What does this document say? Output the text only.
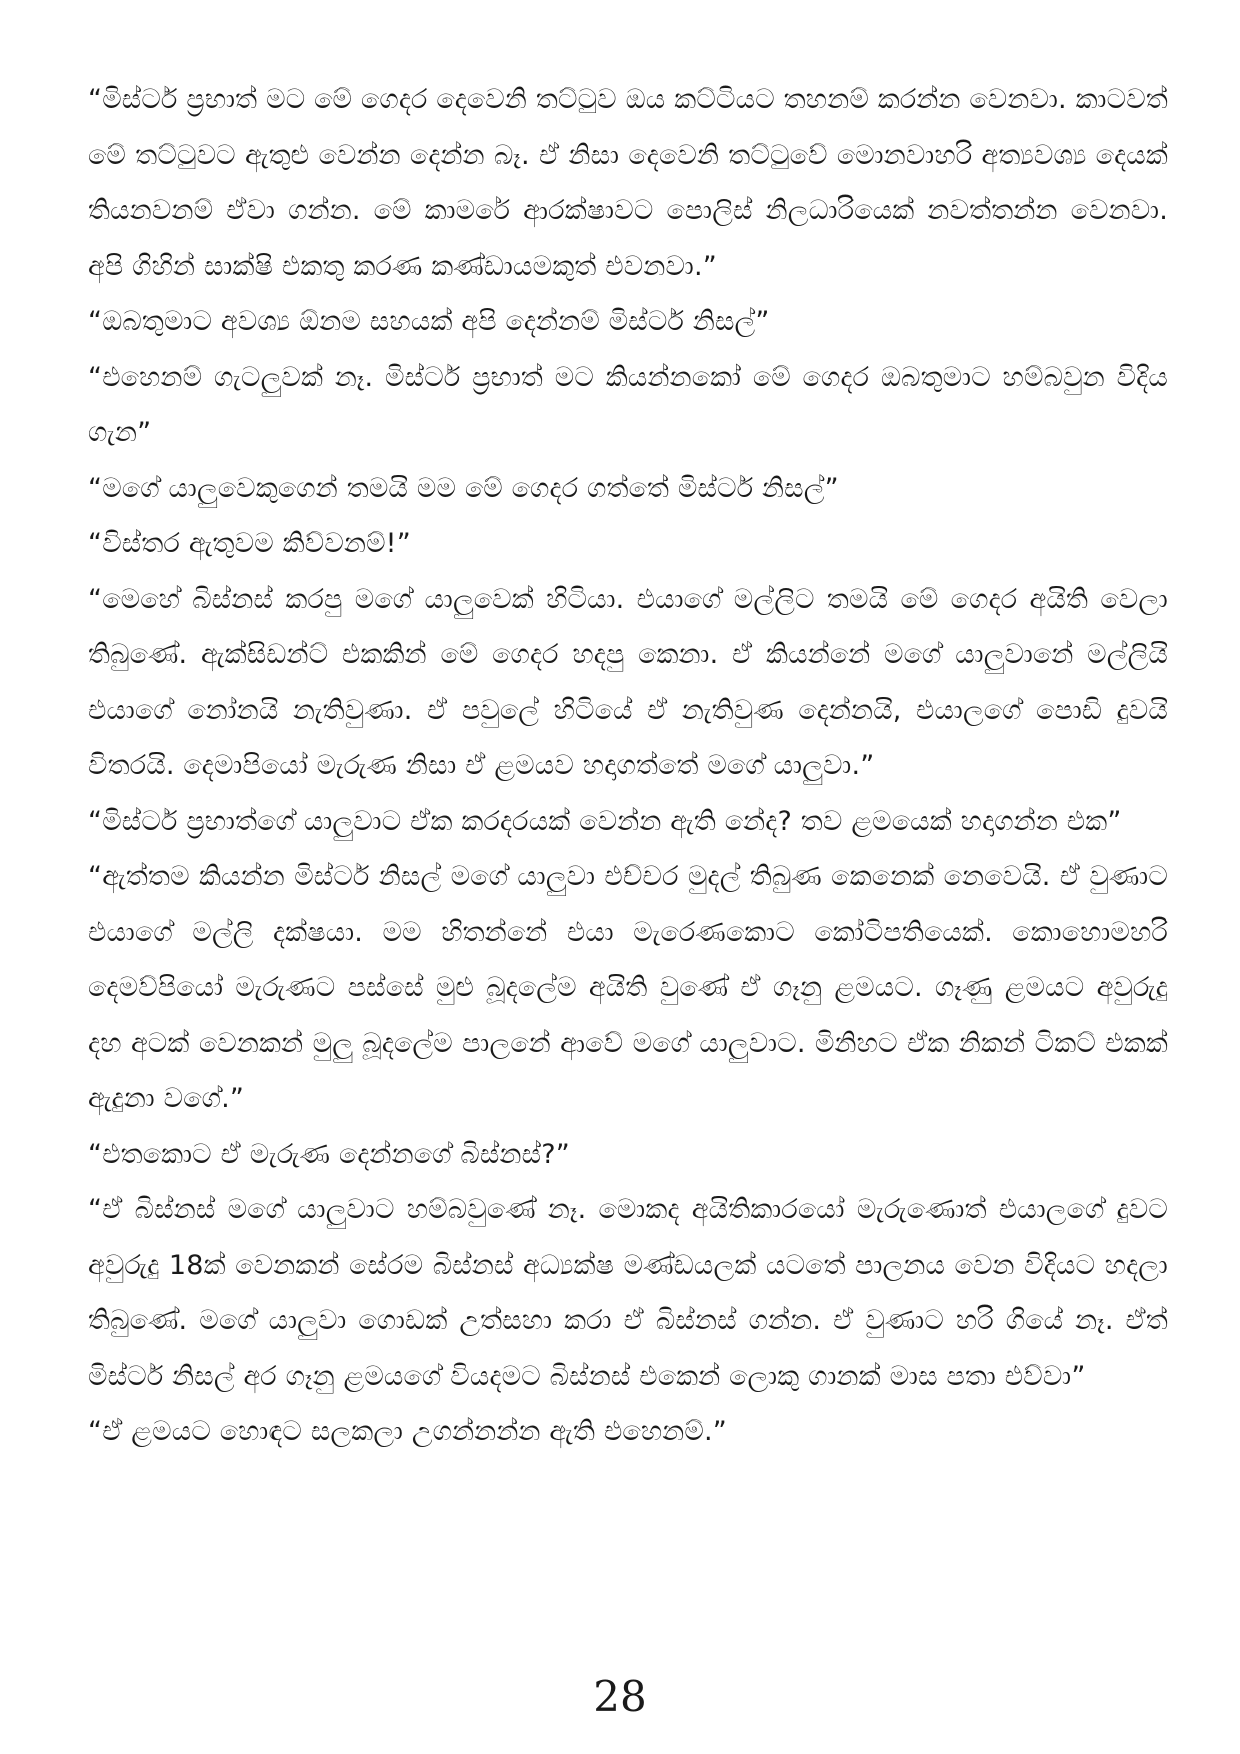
“මිස්ටර් ප්‍රභාත් මට මේ ගෙදර දෙවෙනි තට්ටුව ඔය කට්ටියට තහනම් කරන්න වෙනවා. කාටවත් මේ තට්ටුවට ඇතුළු වෙන්න දෙන්න බෑ. ඒ නිසා දෙවෙනි තට්ටුවේ මොනවාහරි අත්‍යවශ්‍ය දෙයක් තියනවනම් ඒවා ගන්න. මේ කාමරේ ආරක්ෂාවට පොලිස් නිලධාරියෙක් නවත්තන්න වෙනවා. අපි ගිහින් සාක්ෂි එකතු කරණ කණ්ඩායමකුත් එවනවා.”

“ඔබතුමාට අවශ්‍ය ඕනම සහයක් අපි දෙන්නම් මිස්ටර් නිසල්”

“එහෙනම් ගැටලුවක් නෑ. මිස්ටර් ප්‍රභාත් මට කියන්නකෝ මේ ගෙදර ඔබතුමාට හම්බවුන විදිය ගැන”

“මගේ යාලුවෙකුගෙන් තමයි මම මේ ගෙදර ගත්තේ මිස්ටර් නිසල්”

“විස්තර ඇතුවම කිව්වනම්!”

“මෙහේ බිස්නස් කරපු මගේ යාලුවෙක් හිටියා. එයාගේ මල්ලිට තමයි මේ ගෙදර අයිති වෙලා තිබුණේ. ඇක්සිඩන්ට් එකකින් මේ ගෙදර හදපු කෙනා. ඒ කියන්නේ මගේ යාලුවානේ මල්ලියි එයාගේ නෝනයි නැතිවුණා. ඒ පවුලේ හිටියේ ඒ නැතිවුණ දෙන්නයි, එයාලගේ පොඩි දුවයි විතරයි. දෙමාපියෝ මැරුණ නිසා ඒ ළමයව හදාගත්තේ මගේ යාලුවා.”

“මිස්ටර් ප්‍රභාත්ගේ යාලුවාට ඒක කරදරයක් වෙන්න ඇති නේද? තව ළමයෙක් හදාගන්න එක”

“ඇත්තම කියන්න මිස්ටර් නිසල් මගේ යාලුවා එච්චර මුදල් තිබුණ කෙනෙක් නෙවෙයි. ඒ වුණාට එයාගේ මල්ලි දක්ෂයා. මම හිතන්නේ එයා මැරෙණකොට කෝටිපතියෙක්. කොහොමහරි දෙමව්පියෝ මැරුණට පස්සේ මුළු බූදලේම අයිති වුණේ ඒ ගෑනු ළමයට. ගෑණු ළමයට අවුරුදු දහ අටක් වෙනකන් මුලු බූදලේම පාලනේ ආවේ මගේ යාලුවාට. මිනිහට ඒක නිකන් ටිකට් එකක් ඇදුනා වගේ.”

“එතකොට ඒ මැරුණ දෙන්නගේ බිස්නස්?”

“ඒ බිස්නස් මගේ යාලුවාට හම්බවුණේ නෑ. මොකද අයිතිකාරයෝ මැරුණොත් එයාලගේ දුවට අවුරුදු 18ක් වෙනකන් සේරම බිස්නස් අධ්‍යක්ෂ මණ්ඩයලක් යටතේ පාලනය වෙන විදියට හදලා තිබුණේ. මගේ යාලුවා ගොඩක් උත්සහා කරා ඒ බිස්නස් ගන්න. ඒ වුණාට හරි ගියේ නෑ. ඒත් මිස්ටර් නිසල් අර ගෑනු ළමයගේ වියදමට බිස්නස් එකෙන් ලොකු ගානක් මාස පතා එව්වා”

“ඒ ළමයට හොඳට සලකලා උගන්නන්න ඇති එහෙනම්.”

28
